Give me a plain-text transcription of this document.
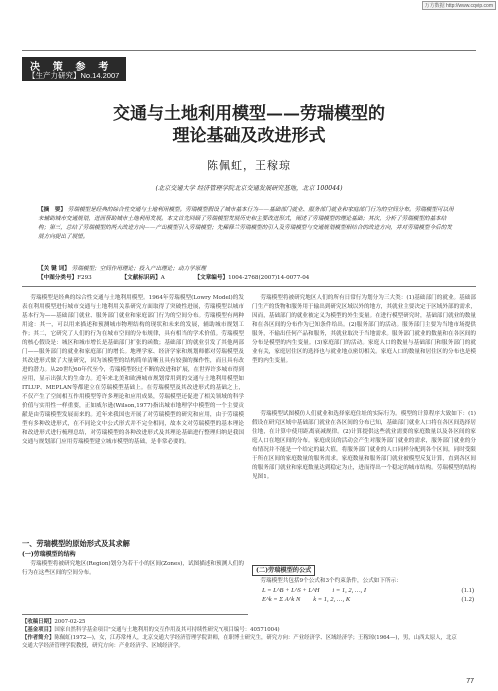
万方数据 http://www.cqvip.com
决 策 参 考
【生产力研究】No.14.2007
交通与土地利用模型——劳瑞模型的
理论基础及改进形式
陈佩虹，王稼琼
(北京交通大学 经济管理学院北京交通发展研究基地，北京 100044)
【摘　要】 劳瑞模型是经典的综合性交通与土地利用模型。劳瑞模型假设了城市基本行为——基础部门就业、服务部门就业和家庭部门行为的空间分布。劳瑞模型可以用来辅助城市交通规划，进而帮助城市土地利用发展。本文首先回顾了劳瑞模型发展历史和主要改进形式，阐述了劳瑞模型的理论基础；其次，分析了劳瑞模型的基本结构；第三，总结了劳瑞模型的两大改进方向——产出模型引入劳瑞模型；先稀释兰劳瑞模型的引入及劳瑞模型与交通规划模型相结合的改进方向，并对劳瑞模型今后的发展方向提出了展望。
【关 键 词】 劳瑞模型；空间作用理论；投入产出理论；动力学原理
【中图分类号】F293	【文献标识码】A	【文章编号】1004-2768(2007)14-0077-04

劳瑞模型是经典的综合性交通与土地利用模型。1964年劳瑞模型(Lowry Model)的发表在利用模型进行城市交通与土地利用关系研究方面取得了突破性进展，劳瑞模型以城市基本行为——基础部门就业、服务部门就业和家庭部门行为的空间分布。劳瑞模型有两种用途：其一，可以用来描述和预测城市物理结构的现状和未来的发展，辅助城市规划工作；其二，它研究了人们的行为在城市空间的分布规律，具有相当的学术价值。劳瑞模型的核心假设是：城区和城市增长是基础部门扩张的函数；基础部门的就业引发了其他两部门——服务部门的就业和家庭部门的增长。地理学家、经济学家和规划师都对劳瑞模型及其改进形式做了大量研究，因为该模型的结构简单清晰且具有较强的操作性，而且具有改进的潜力。从20世纪60年代至今，劳瑞模型经过不断的改进和扩展，在世界许多城市得到应用，显示出强大的生命力。近年来北美和欧洲城市规划常用到的交通与土地利用模型如ITLUP、MEPLAN等都建立在劳瑞模型基础上。在劳瑞模型及其改进形式的基础之上，不仅产生了空间相互作用模型等许多理论和应用成果，劳瑞模型还促进了相关领域的科学价值与实用性一样重要，正如威尔逊(Wilson,1977)指出城市地理学中模型的一个主要贡献是由劳瑞模型发展而来的。近年来我国也开展了对劳瑞模型的研究和应用，由于劳瑞模型有多种改进形式，在不同论文中公式形式并不完全相同，故本文对劳瑞模型的基本理论和改进形式进行梳理总结，对劳瑞模型的各种改进形式及其理论基础进行整理归纳是我国交通与规划部门应用劳瑞模型建立城市模型的基础，是非常必要的。

一、劳瑞模型的原始形式及其求解
(一)劳瑞模型的结构

劳瑞模型将被研究地区(Region)划分为若干小的区间(Zones)，试图描述和预测人们的行为在这些区间的空间分布。

劳瑞模型将被研究地区人们的所有日常行为划分为三大类：(1)基础部门的就业。基础部门生产的货物和服务用于输出到研究区域以外的地方，其就业主要决定于区域外部的需求，因而，基础部门的就业被定义为模型的外生变量。在进行模型研究时，基础部门就业的数量和在各区间的分布作为已知条件给出。(2)服务部门的活动。服务部门主要为当地市场提供服务，不输出任何产品和服务，其就业取决于当地需求。服务部门就业的数量和在各区间的分布是模型的内生变量。(3)家庭部门的活动。家庭人口的数量与基础部门和服务部门的就业有关，家庭居住区的选择也与就业地点密切相关。家庭人口的数量和居住区的分布也是模型的内生变量。

劳瑞模型试图模仿人们就业和选择家庭住址的实际行为。模型的计算程序大致如下：(1)假设在研究区域中基础部门就业在各区间的分布已知，基础部门就业人口将在各区间选择居住地，在计算中使用距离衰减规律。(2)计算提供这些就业需要的家庭数量以及各区间的家庭人口在地区间的分布。家庭成员的活动会产生对服务部门就业的需求，服务部门就业的分布情况并不能是一个给定的最大值，将服务部门就业的人口同样分配到各个区间，同时受限于所在区间的家庭数量的服务需求。家庭数量和服务部门就业被模型反复计算，直到各区间的服务部门就业和家庭数量达到稳定为止，进而得出一个稳定的城市结构。劳瑞模型的结构见图1。

(二)劳瑞模型的公式

劳瑞模型共包括9个公式和3个约束条件，公式如下所示：

L = L^B + L^S + L^H　　i = 1, 2, …, I	(1.1)
E^k = Σ A^k N　　k = 1, 2, …, K	(1.2)
【收稿日期】2007-02-25
【基金项目】国家自然科学基金项目"交通与土地利用的交互作用及其可持续性研究"(项目编号：40571004)
【作者简介】陈佩虹(1972—)，女，江苏常州人，北京交通大学经济管理学院讲师，在职博士研究生，研究方向：产业经济学、区域经济学；王稼琼(1964—)，男，山西太原人，北京交通大学经济管理学院教授，研究方向：产业经济学、区域经济学。
77
